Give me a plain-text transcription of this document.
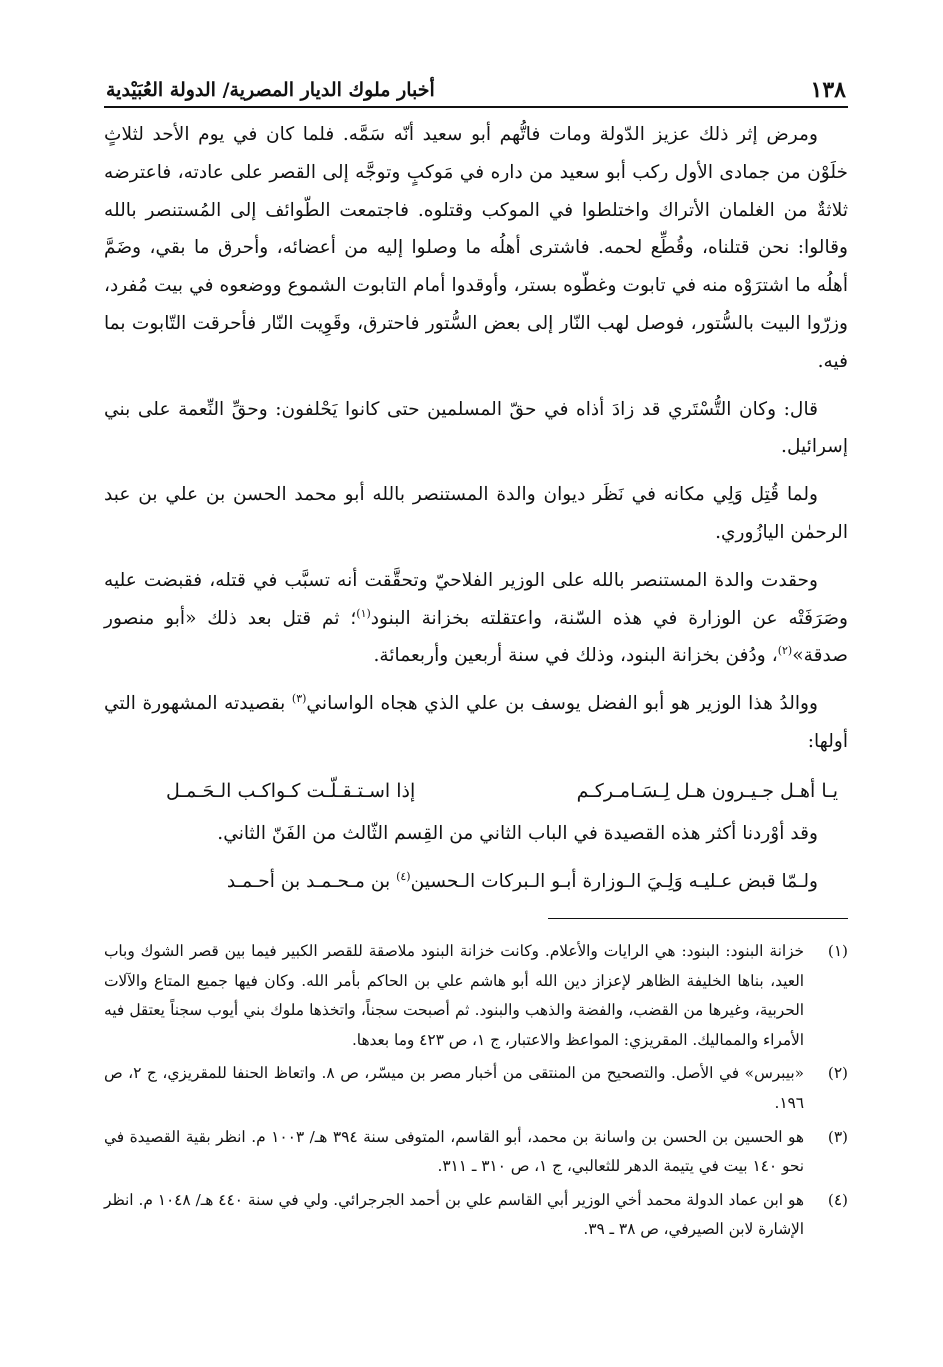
١٣٨
أخبار ملوك الديار المصرية/ الدولة العُبَيْدية

ومرض إثر ذلك عزيز الدّولة ومات فاتُّهم أبو سعيد أنّه سَمَّه. فلما كان في يوم الأحد لثلاثٍ خلَوْن من جمادى الأول ركب أبو سعيد من داره في مَوكبٍ وتوجَّه إلى القصر على عادته، فاعترضه ثلاثةٌ من الغلمان الأتراك واختلطوا في الموكب وقتلوه. فاجتمعت الطّوائف إلى المُستنصر بالله وقالوا: نحن قتلناه، وقُطِّع لحمه. فاشترى أهلُه ما وصلوا إليه من أعضائه، وأحرق ما بقي، وضَمَّ أهلُه ما اشترَوْه منه في تابوت وغطّوه بستر، وأوقدوا أمام التابوت الشموع ووضعوه في بيت مُفرد، وزرّوا البيت بالسُّتور، فوصل لهب النّار إلى بعض السُّتور فاحترق، وقَوِيت النّار فأحرقت التّابوت بما فيه.

قال: وكان التُّسْتَري قد زادَ أذاه في حقّ المسلمين حتى كانوا يَحْلفون: وحقِّ النِّعمة على بني إسرائيل.

ولما قُتِل وَلِي مكانه في نَظَر ديوان والدة المستنصر بالله أبو محمد الحسن بن علي بن عبد الرحمٰن اليازُوري.

وحقدت والدة المستنصر بالله على الوزير الفلاحيّ وتحقَّقت أنه تسبَّب في قتله، فقبضت عليه وصَرَفَتْه عن الوزارة في هذه السّنة، واعتقلته بخزانة البنود$^{(١)}$؛ ثم قتل بعد ذلك «أبو منصور صدقة»$^{(٢)}$، ودُفن بخزانة البنود، وذلك في سنة أربعين وأربعمائة.

ووالدُ هذا الوزير هو أبو الفضل يوسف بن علي الذي هجاه الواساني$^{(٣)}$ بقصيدته المشهورة التي أولها:

يـا أهـل جـيـرون هـل لِـسَـامـركـم
إذا اسـتـقـلّـت كـواكـب الـحَـمـل

وقد أوْردنا أكثر هذه القصيدة في الباب الثاني من القِسم الثّالث من الفَنّ الثاني.

ولـمّا قبض عـليـه وَلِـيَ الـوزارة أبـو الـبركات الـحسين$^{(٤)}$ بن مـحـمـد بن أحـمـد

(١)
خزانة البنود: البنود: هي الرايات والأعلام. وكانت خزانة البنود ملاصقة للقصر الكبير فيما بين قصر الشوك وباب العيد، بناها الخليفة الظاهر لإعزاز دين الله أبو هاشم علي بن الحاكم بأمر الله. وكان فيها جميع المتاع والآلات الحربية، وغيرها من القضب، والفضة والذهب والبنود. ثم أصبحت سجناً، واتخذها ملوك بني أيوب سجناً يعتقل فيه الأمراء والمماليك. المقريزي: المواعظ والاعتبار، ج ١، ص ٤٢٣ وما بعدها.
(٢)
«بيبرس» في الأصل. والتصحيح من المنتقى من أخبار مصر بن ميسّر، ص ٨. واتعاظ الحنفا للمقريزي، ج ٢، ص ١٩٦.
(٣)
هو الحسين بن الحسن بن واسانة بن محمد، أبو القاسم، المتوفى سنة ٣٩٤ هـ/ ١٠٠٣ م. انظر بقية القصيدة في نحو ١٤٠ بيت في يتيمة الدهر للثعالبي، ج ١، ص ٣١٠ ـ ٣١١.
(٤)
هو ابن عماد الدولة محمد أخي الوزير أبي القاسم علي بن أحمد الجرجرائي. ولي في سنة ٤٤٠ هـ/ ١٠٤٨ م. انظر الإشارة لابن الصيرفي، ص ٣٨ ـ ٣٩.
